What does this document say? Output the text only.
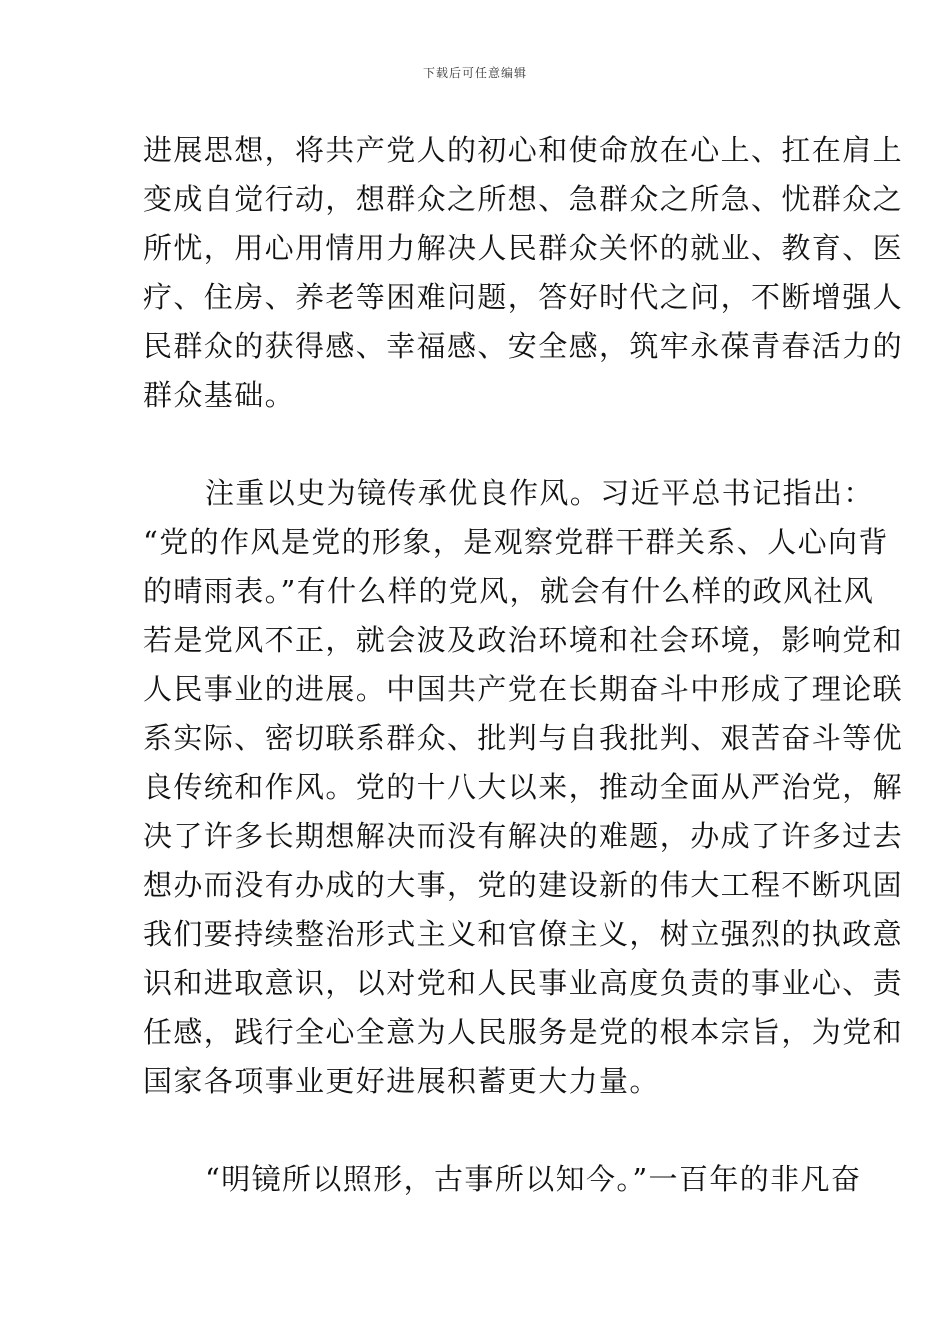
下载后可任意编辑
进展思想，将共产党人的初心和使命放在心上、扛在肩上
变成自觉行动，想群众之所想、急群众之所急、忧群众之
所忧，用心用情用力解决人民群众关怀的就业、教育、医
疗、住房、养老等困难问题，答好时代之问，不断增强人
民群众的获得感、幸福感、安全感，筑牢永葆青春活力的
群众基础。
注重以史为镜传承优良作风。习近平总书记指出：
“党的作风是党的形象，是观察党群干群关系、人心向背
的晴雨表。”有什么样的党风，就会有什么样的政风社风
若是党风不正，就会波及政治环境和社会环境，影响党和
人民事业的进展。中国共产党在长期奋斗中形成了理论联
系实际、密切联系群众、批判与自我批判、艰苦奋斗等优
良传统和作风。党的十八大以来，推动全面从严治党，解
决了许多长期想解决而没有解决的难题，办成了许多过去
想办而没有办成的大事，党的建设新的伟大工程不断巩固
我们要持续整治形式主义和官僚主义，树立强烈的执政意
识和进取意识，以对党和人民事业高度负责的事业心、责
任感，践行全心全意为人民服务是党的根本宗旨，为党和
国家各项事业更好进展积蓄更大力量。
“明镜所以照形，古事所以知今。”一百年的非凡奋
